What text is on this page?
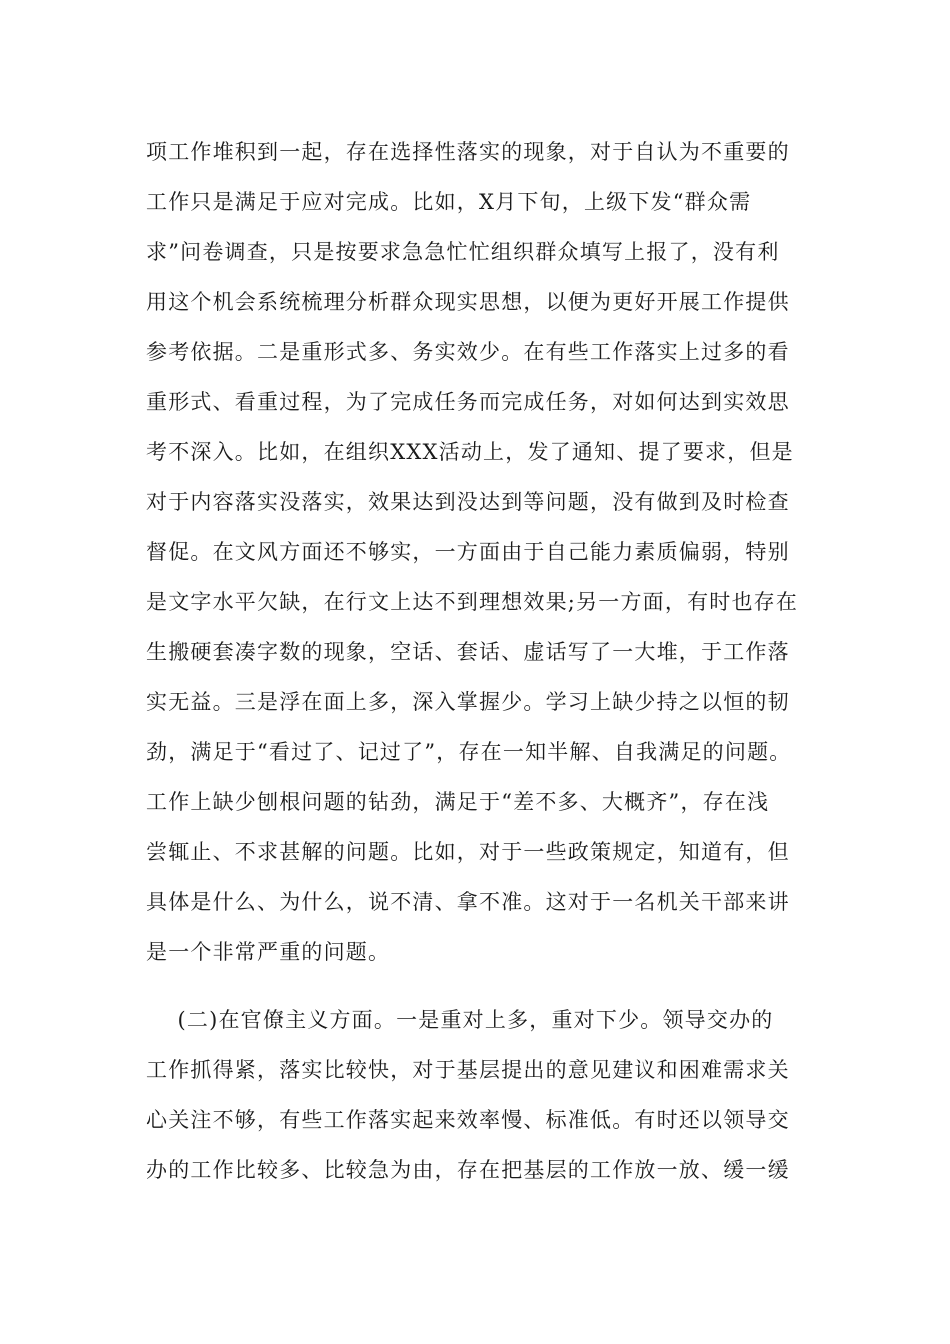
项工作堆积到一起，存在选择性落实的现象，对于自认为不重要的
工作只是满足于应对完成。比如，X月下旬，上级下发“群众需
求”问卷调查，只是按要求急急忙忙组织群众填写上报了，没有利
用这个机会系统梳理分析群众现实思想，以便为更好开展工作提供
参考依据。二是重形式多、务实效少。在有些工作落实上过多的看
重形式、看重过程，为了完成任务而完成任务，对如何达到实效思
考不深入。比如，在组织XXX活动上，发了通知、提了要求，但是
对于内容落实没落实，效果达到没达到等问题，没有做到及时检查
督促。在文风方面还不够实，一方面由于自己能力素质偏弱，特别
是文字水平欠缺，在行文上达不到理想效果;另一方面，有时也存在
生搬硬套凑字数的现象，空话、套话、虚话写了一大堆，于工作落
实无益。三是浮在面上多，深入掌握少。学习上缺少持之以恒的韧
劲，满足于“看过了、记过了”，存在一知半解、自我满足的问题。
工作上缺少刨根问题的钻劲，满足于“差不多、大概齐”，存在浅
尝辄止、不求甚解的问题。比如，对于一些政策规定，知道有，但
具体是什么、为什么，说不清、拿不准。这对于一名机关干部来讲
是一个非常严重的问题。
(二)在官僚主义方面。一是重对上多，重对下少。领导交办的
工作抓得紧，落实比较快，对于基层提出的意见建议和困难需求关
心关注不够，有些工作落实起来效率慢、标准低。有时还以领导交
办的工作比较多、比较急为由，存在把基层的工作放一放、缓一缓
